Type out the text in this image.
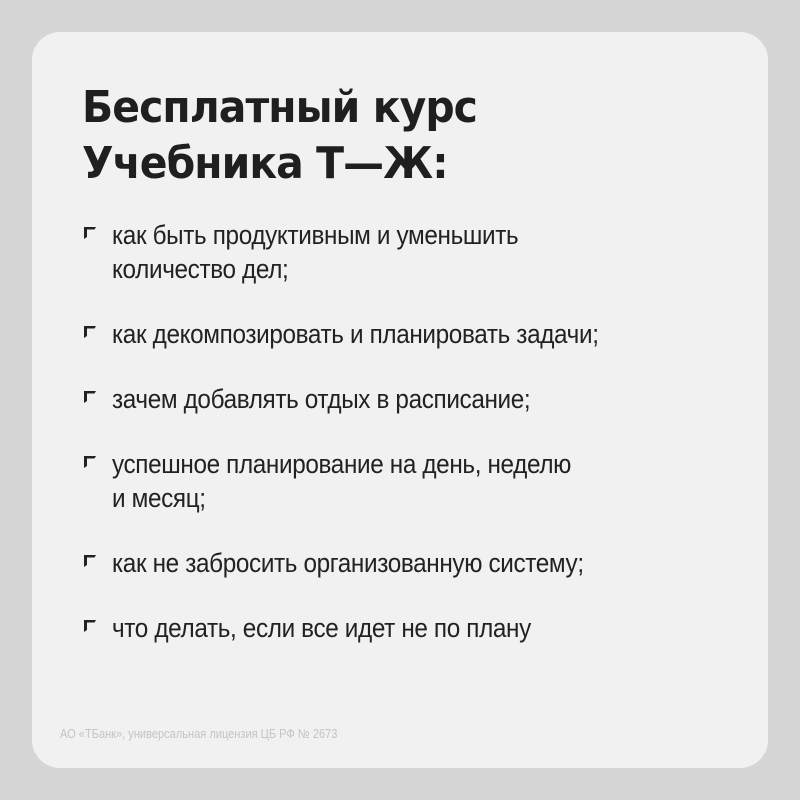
Бесплатный курс
Учебника Т—Ж:
как быть продуктивным и уменьшить
количество дел;
как декомпозировать и планировать задачи;
зачем добавлять отдых в расписание;
успешное планирование на день, неделю
и месяц;
как не забросить организованную систему;
что делать, если все идет не по плану
АО «ТБанк», универсальная лицензия ЦБ РФ № 2673
